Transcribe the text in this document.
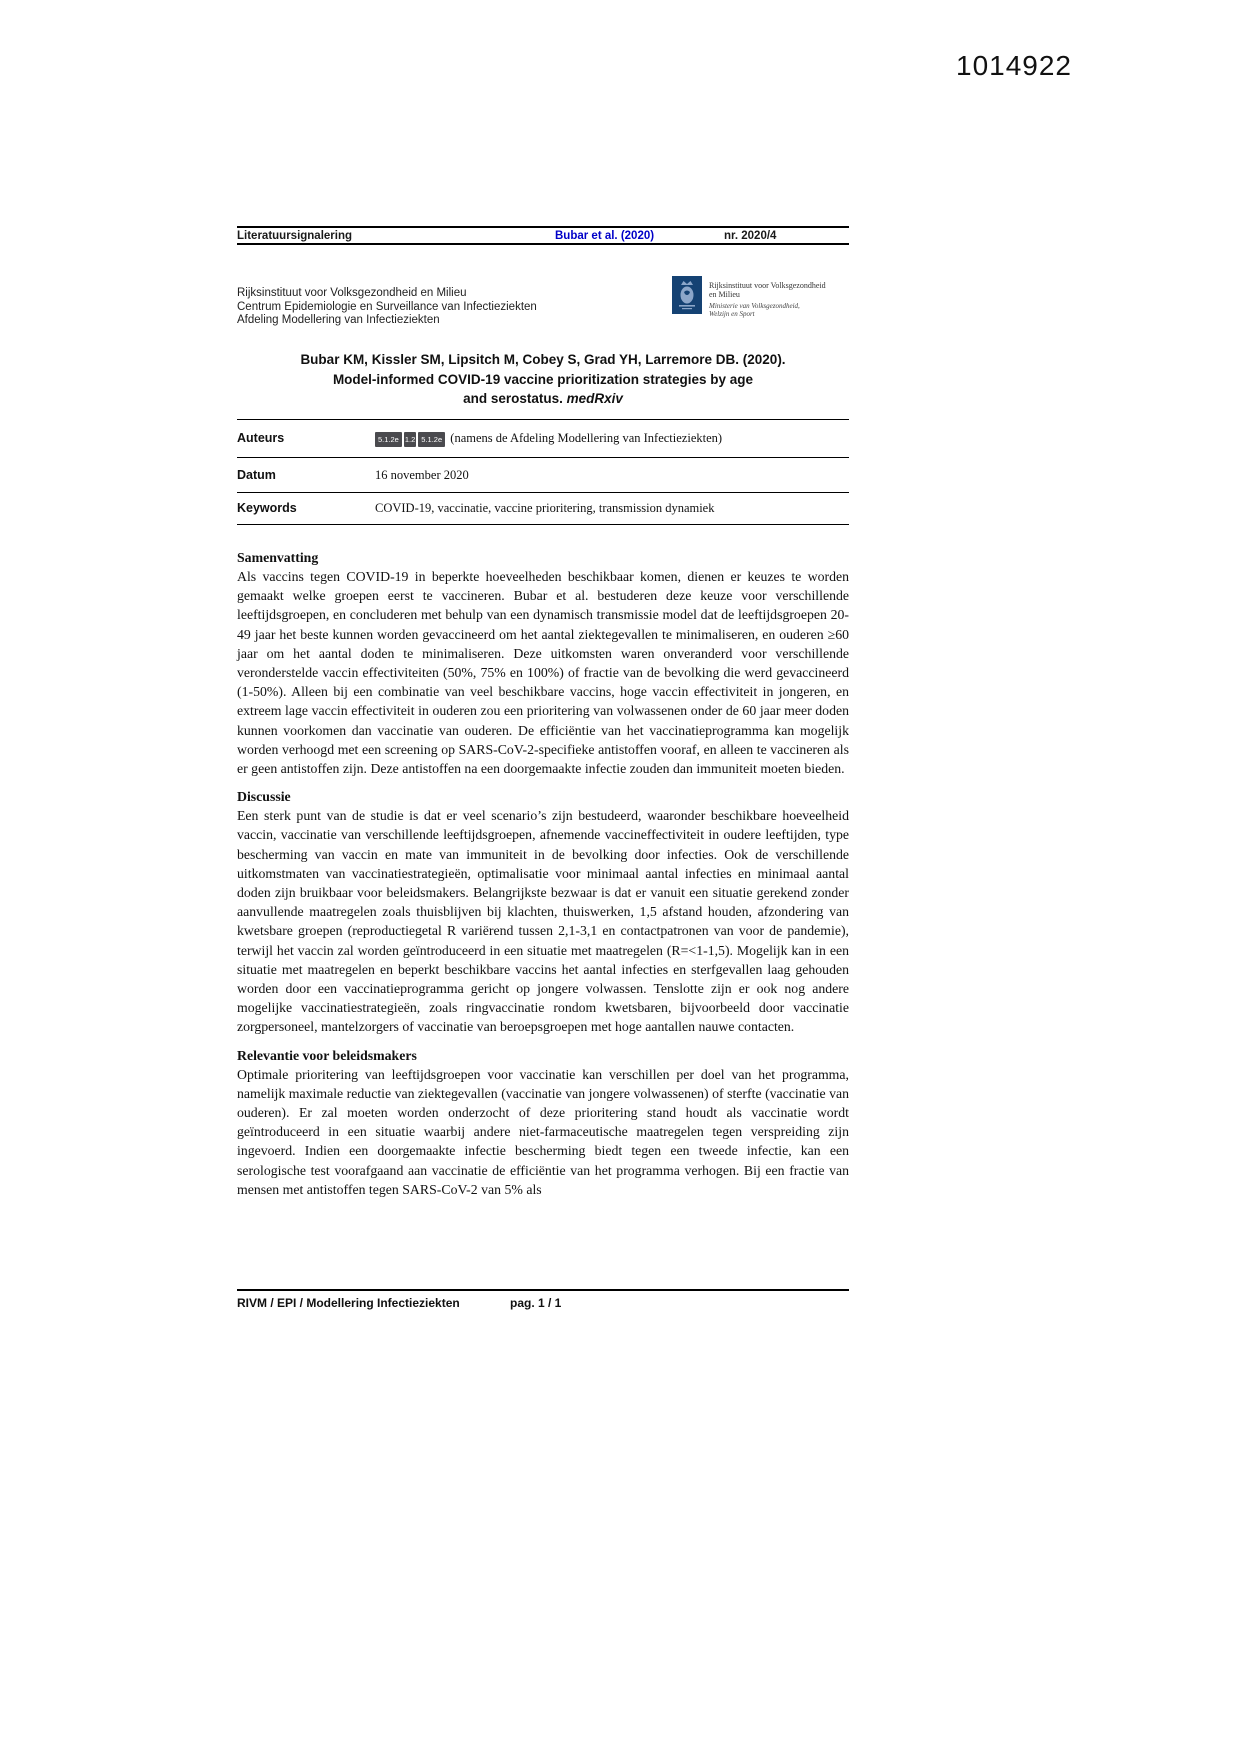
1014922
Literatuursignalering	Bubar et al. (2020)	nr. 2020/4
Rijksinstituut voor Volksgezondheid en Milieu
Centrum Epidemiologie en Surveillance van Infectieziekten
Afdeling Modellering van Infectieziekten
Rijksinstituut voor Volksgezondheid
en Milieu
Ministerie van Volksgezondheid,
Welzijn en Sport
Bubar KM, Kissler SM, Lipsitch M, Cobey S, Grad YH, Larremore DB. (2020).
Model-informed COVID-19 vaccine prioritization strategies by age
and serostatus. medRxiv
Auteurs	5.1.2e 1.2 5.1.2e (namens de Afdeling Modellering van Infectieziekten)
Datum	16 november 2020
Keywords	COVID-19, vaccinatie, vaccine prioritering, transmission dynamiek
Samenvatting

Als vaccins tegen COVID-19 in beperkte hoeveelheden beschikbaar komen, dienen er keuzes te worden gemaakt welke groepen eerst te vaccineren. Bubar et al. bestuderen deze keuze voor verschillende leeftijdsgroepen, en concluderen met behulp van een dynamisch transmissie model dat de leeftijdsgroepen 20-49 jaar het beste kunnen worden gevaccineerd om het aantal ziektegevallen te minimaliseren, en ouderen ≥60 jaar om het aantal doden te minimaliseren. Deze uitkomsten waren onveranderd voor verschillende veronderstelde vaccin effectiviteiten (50%, 75% en 100%) of fractie van de bevolking die werd gevaccineerd (1-50%). Alleen bij een combinatie van veel beschikbare vaccins, hoge vaccin effectiviteit in jongeren, en extreem lage vaccin effectiviteit in ouderen zou een prioritering van volwassenen onder de 60 jaar meer doden kunnen voorkomen dan vaccinatie van ouderen. De efficiëntie van het vaccinatieprogramma kan mogelijk worden verhoogd met een screening op SARS-CoV-2-specifieke antistoffen vooraf, en alleen te vaccineren als er geen antistoffen zijn. Deze antistoffen na een doorgemaakte infectie zouden dan immuniteit moeten bieden.

Discussie

Een sterk punt van de studie is dat er veel scenario’s zijn bestudeerd, waaronder beschikbare hoeveelheid vaccin, vaccinatie van verschillende leeftijdsgroepen, afnemende vaccineffectiviteit in oudere leeftijden, type bescherming van vaccin en mate van immuniteit in de bevolking door infecties. Ook de verschillende uitkomstmaten van vaccinatiestrategieën, optimalisatie voor minimaal aantal infecties en minimaal aantal doden zijn bruikbaar voor beleidsmakers. Belangrijkste bezwaar is dat er vanuit een situatie gerekend zonder aanvullende maatregelen zoals thuisblijven bij klachten, thuiswerken, 1,5 afstand houden, afzondering van kwetsbare groepen (reproductiegetal R variërend tussen 2,1-3,1 en contactpatronen van voor de pandemie), terwijl het vaccin zal worden geïntroduceerd in een situatie met maatregelen (R=<1-1,5). Mogelijk kan in een situatie met maatregelen en beperkt beschikbare vaccins het aantal infecties en sterfgevallen laag gehouden worden door een vaccinatieprogramma gericht op jongere volwassen. Tenslotte zijn er ook nog andere mogelijke vaccinatiestrategieën, zoals ringvaccinatie rondom kwetsbaren, bijvoorbeeld door vaccinatie zorgpersoneel, mantelzorgers of vaccinatie van beroepsgroepen met hoge aantallen nauwe contacten.

Relevantie voor beleidsmakers

Optimale prioritering van leeftijdsgroepen voor vaccinatie kan verschillen per doel van het programma, namelijk maximale reductie van ziektegevallen (vaccinatie van jongere volwassenen) of sterfte (vaccinatie van ouderen). Er zal moeten worden onderzocht of deze prioritering stand houdt als vaccinatie wordt geïntroduceerd in een situatie waarbij andere niet-farmaceutische maatregelen tegen verspreiding zijn ingevoerd. Indien een doorgemaakte infectie bescherming biedt tegen een tweede infectie, kan een serologische test voorafgaand aan vaccinatie de efficiëntie van het programma verhogen. Bij een fractie van mensen met antistoffen tegen SARS-CoV-2 van 5% als

RIVM / EPI / Modellering Infectieziekten	pag. 1 / 1
